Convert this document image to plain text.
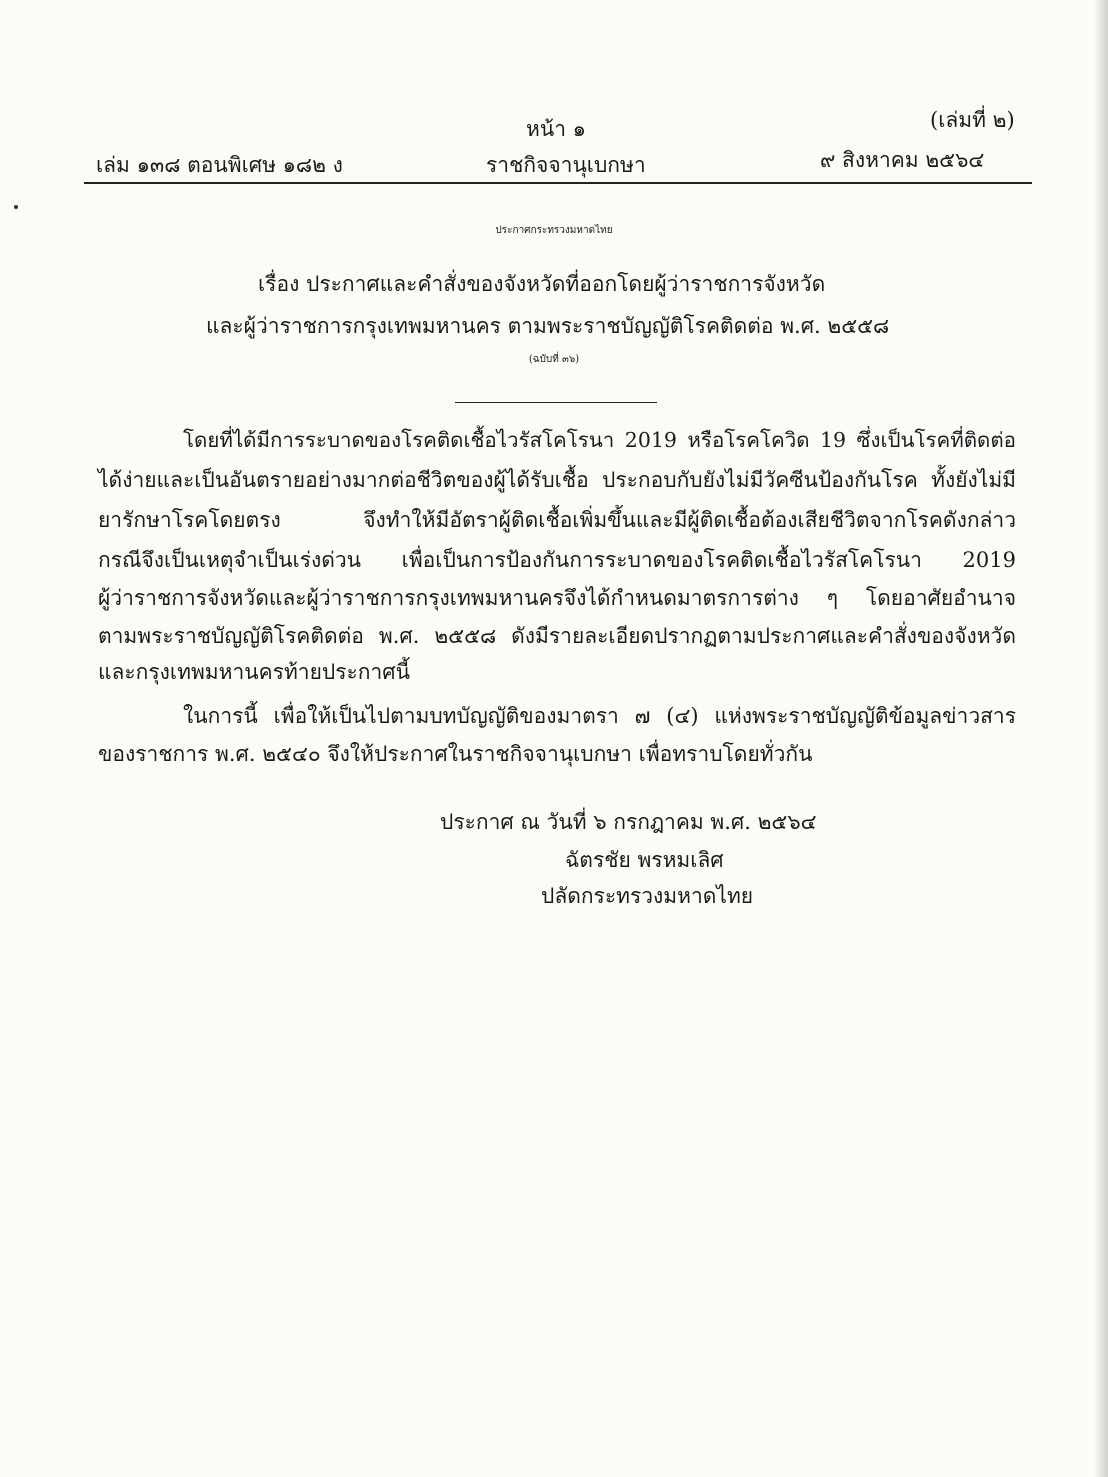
หน้า ๑	(เล่มที่ ๒)
เล่ม ๑๓๘ ตอนพิเศษ ๑๘๒ ง	ราชกิจจานุเบกษา	๙ สิงหาคม ๒๕๖๔
ประกาศกระทรวงมหาดไทย
เรื่อง ประกาศและคำสั่งของจังหวัดที่ออกโดยผู้ว่าราชการจังหวัด
และผู้ว่าราชการกรุงเทพมหานคร ตามพระราชบัญญัติโรคติดต่อ พ.ศ. ๒๕๕๘
(ฉบับที่ ๓๖)
โดยที่ได้มีการระบาดของโรคติดเชื้อไวรัสโคโรนา 2019 หรือโรคโควิด 19 ซึ่งเป็นโรคที่ติดต่อ
ได้ง่ายและเป็นอันตรายอย่างมากต่อชีวิตของผู้ได้รับเชื้อ ประกอบกับยังไม่มีวัคซีนป้องกันโรค ทั้งยังไม่มี
ยารักษาโรคโดยตรง จึงทำให้มีอัตราผู้ติดเชื้อเพิ่มขึ้นและมีผู้ติดเชื้อต้องเสียชีวิตจากโรคดังกล่าว
กรณีจึงเป็นเหตุจำเป็นเร่งด่วน เพื่อเป็นการป้องกันการระบาดของโรคติดเชื้อไวรัสโคโรนา 2019
ผู้ว่าราชการจังหวัดและผู้ว่าราชการกรุงเทพมหานครจึงได้กำหนดมาตรการต่าง ๆ โดยอาศัยอำนาจ
ตามพระราชบัญญัติโรคติดต่อ พ.ศ. ๒๕๕๘ ดังมีรายละเอียดปรากฏตามประกาศและคำสั่งของจังหวัด
และกรุงเทพมหานครท้ายประกาศนี้
ในการนี้ เพื่อให้เป็นไปตามบทบัญญัติของมาตรา ๗ (๔) แห่งพระราชบัญญัติข้อมูลข่าวสาร
ของราชการ พ.ศ. ๒๕๔๐ จึงให้ประกาศในราชกิจจานุเบกษา เพื่อทราบโดยทั่วกัน
ประกาศ ณ วันที่ ๖ กรกฎาคม พ.ศ. ๒๕๖๔
ฉัตรชัย พรหมเลิศ
ปลัดกระทรวงมหาดไทย
